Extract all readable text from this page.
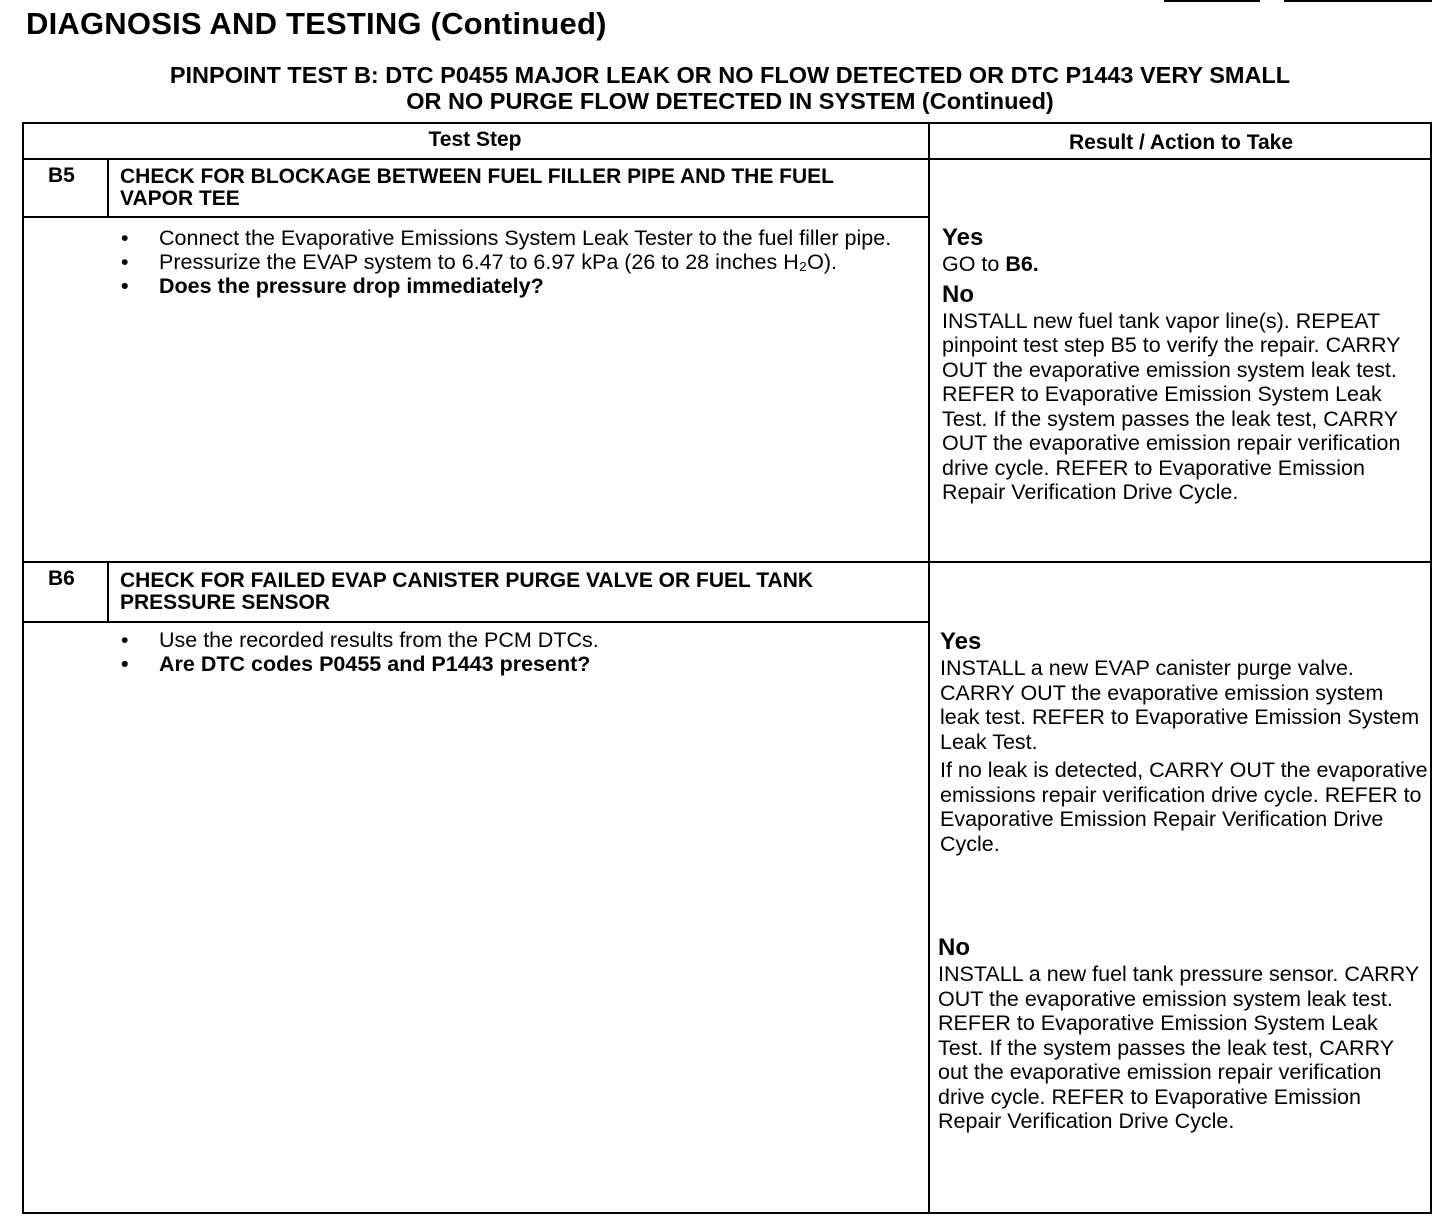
DIAGNOSIS AND TESTING (Continued)
PINPOINT TEST B: DTC P0455 MAJOR LEAK OR NO FLOW DETECTED OR DTC P1443 VERY SMALL
OR NO PURGE FLOW DETECTED IN SYSTEM (Continued)
Test Step	Result / Action to Take
B5 CHECK FOR BLOCKAGE BETWEEN FUEL FILLER PIPE AND THE FUEL VAPOR TEE

• Connect the Evaporative Emissions System Leak Tester to the fuel filler pipe.
• Pressurize the EVAP system to 6.47 to 6.97 kPa (26 to 28 inches H₂O).
• Does the pressure drop immediately?
Yes

GO to B6.

No

INSTALL new fuel tank vapor line(s). REPEAT pinpoint test step B5 to verify the repair. CARRY OUT the evaporative emission system leak test. REFER to Evaporative Emission System Leak Test. If the system passes the leak test, CARRY OUT the evaporative emission repair verification drive cycle. REFER to Evaporative Emission Repair Verification Drive Cycle.

B6 CHECK FOR FAILED EVAP CANISTER PURGE VALVE OR FUEL TANK PRESSURE SENSOR

• Use the recorded results from the PCM DTCs.
• Are DTC codes P0455 and P1443 present?
Yes

INSTALL a new EVAP canister purge valve. CARRY OUT the evaporative emission system leak test. REFER to Evaporative Emission System Leak Test.

If no leak is detected, CARRY OUT the evaporative emissions repair verification drive cycle. REFER to Evaporative Emission Repair Verification Drive Cycle.

No

INSTALL a new fuel tank pressure sensor. CARRY OUT the evaporative emission system leak test. REFER to Evaporative Emission System Leak Test. If the system passes the leak test, CARRY out the evaporative emission repair verification drive cycle. REFER to Evaporative Emission Repair Verification Drive Cycle.
